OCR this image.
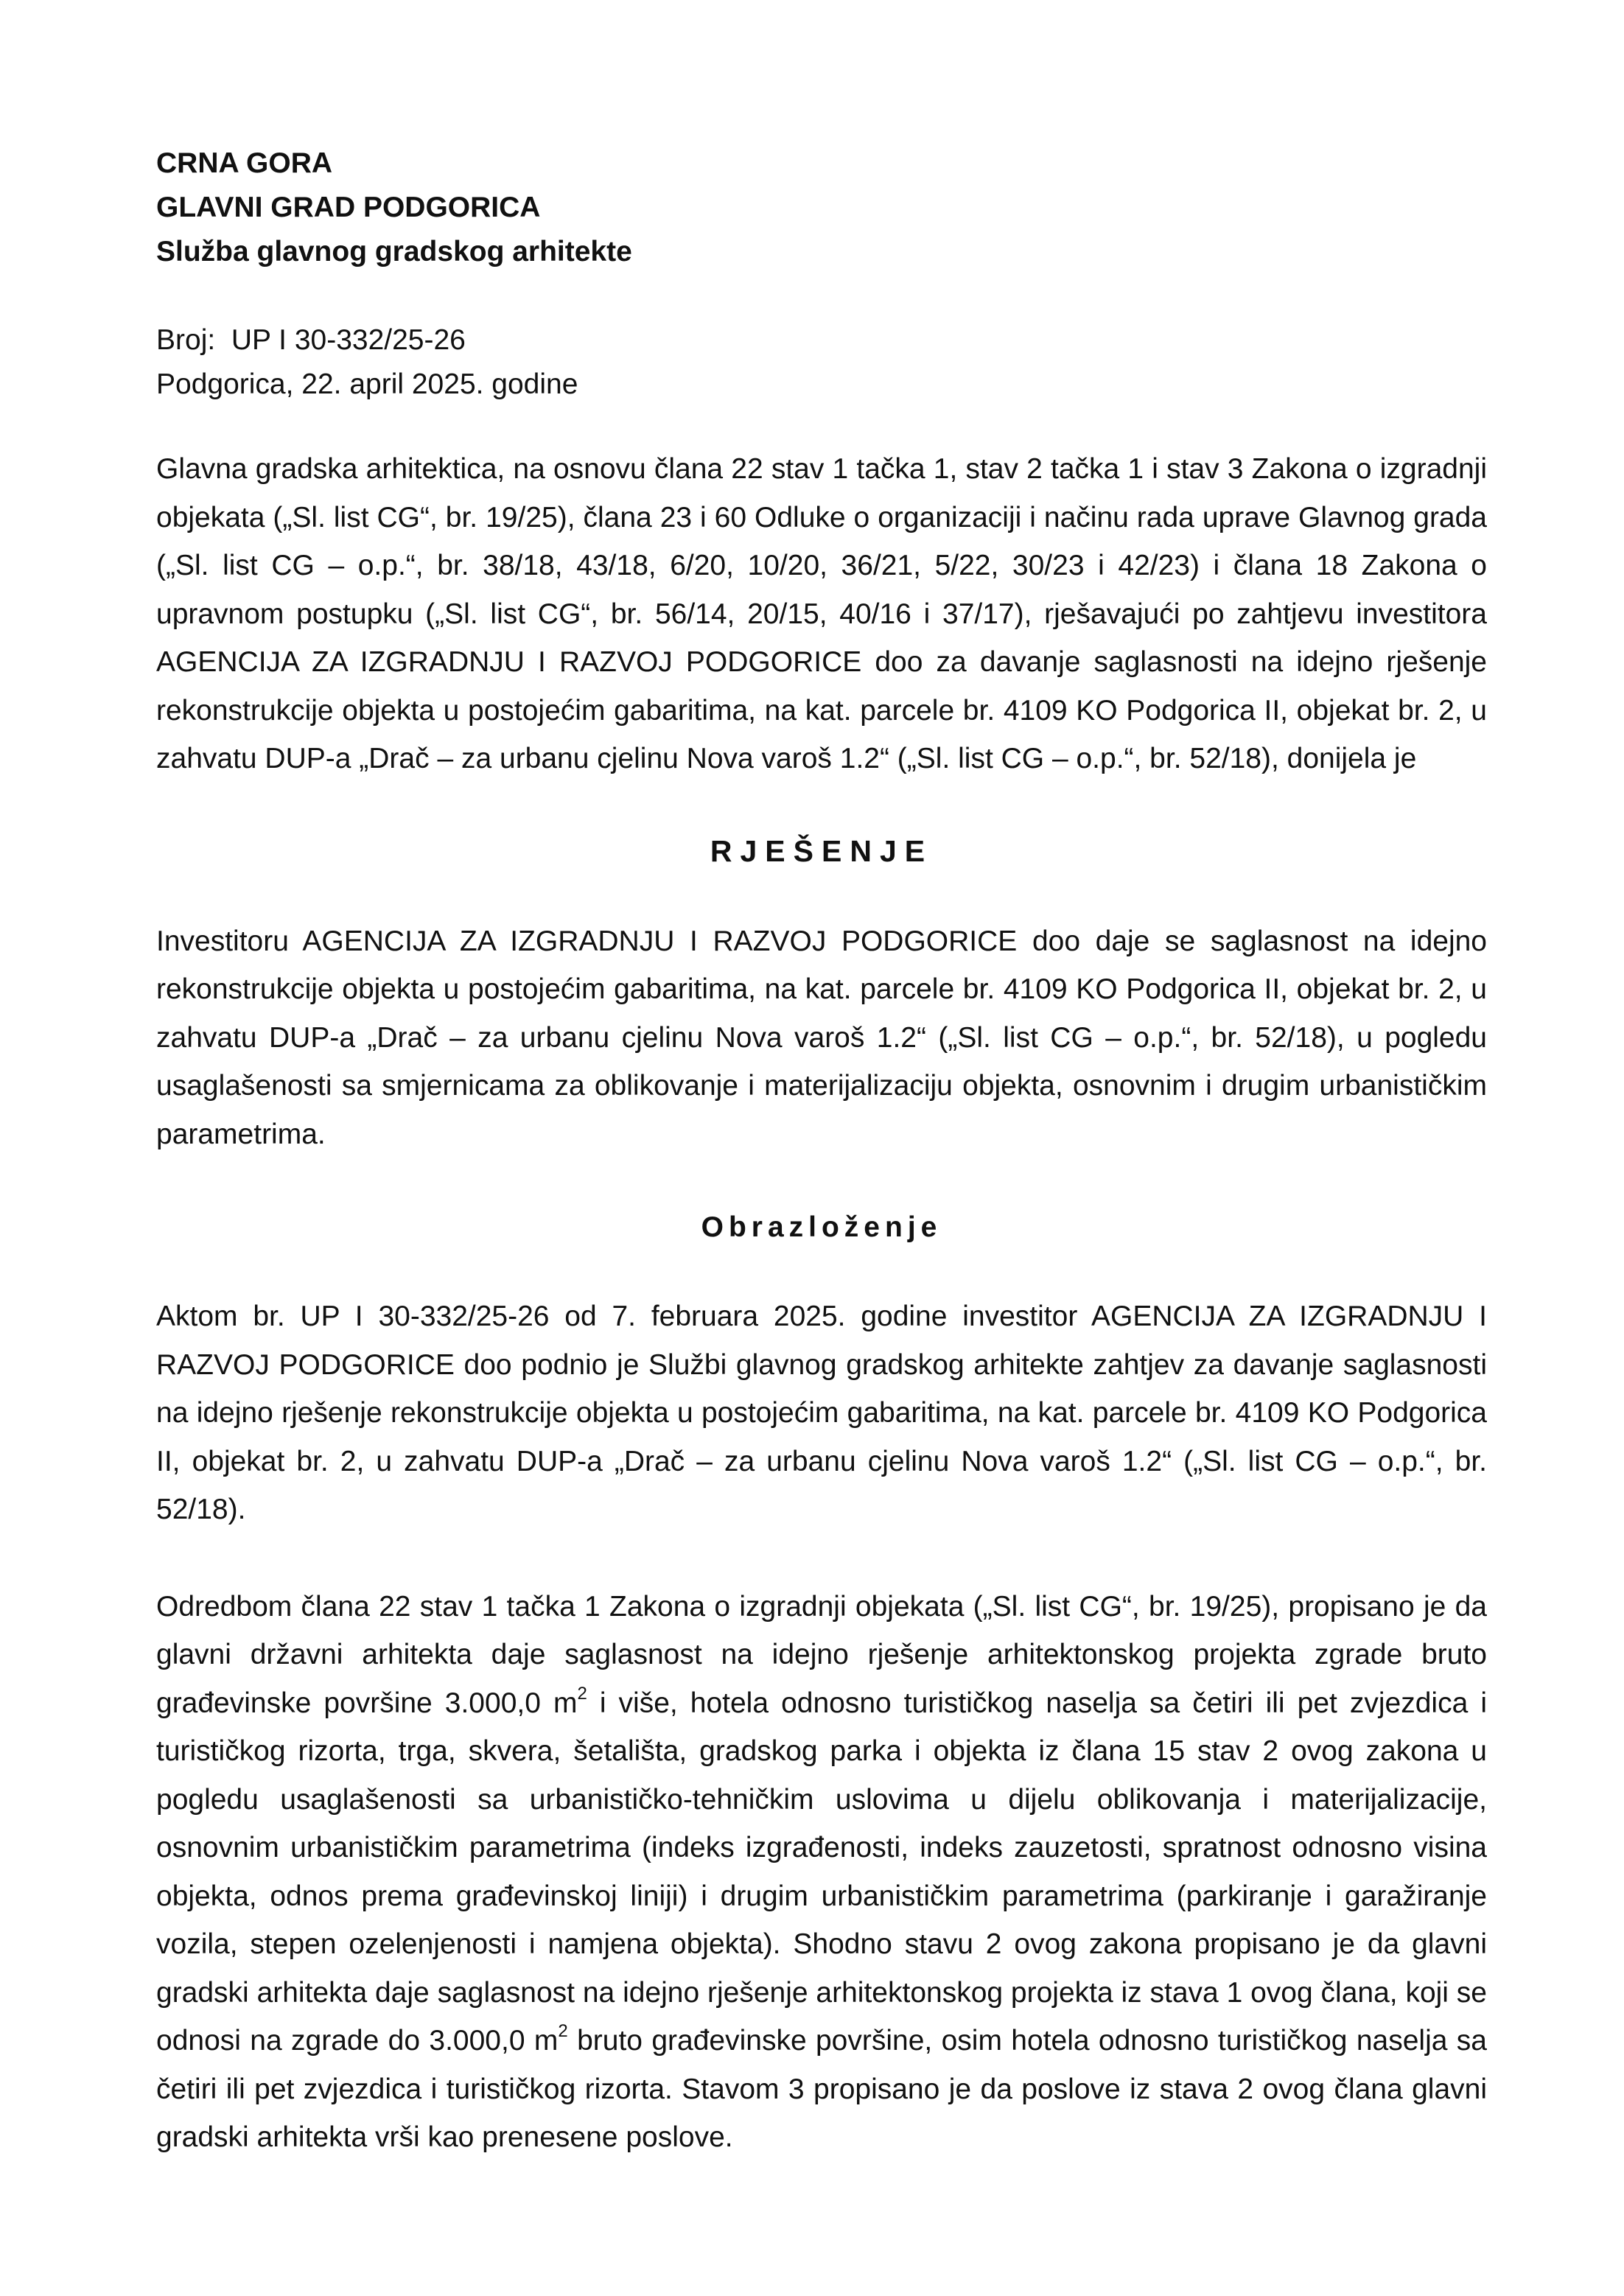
CRNA GORA

GLAVNI GRAD PODGORICA

Služba glavnog gradskog arhitekte

Broj:  UP I 30-332/25-26

Podgorica, 22. april 2025. godine

Glavna gradska arhitektica, na osnovu člana 22 stav 1 tačka 1, stav 2 tačka 1 i stav 3 Zakona o izgradnji objekata („Sl. list CG“, br. 19/25), člana 23 i 60 Odluke o organizaciji i načinu rada uprave Glavnog grada („Sl. list CG – o.p.“, br. 38/18, 43/18, 6/20, 10/20, 36/21, 5/22, 30/23 i 42/23) i člana 18 Zakona o upravnom postupku („Sl. list CG“, br. 56/14, 20/15, 40/16 i 37/17), rješavajući po zahtjevu investitora AGENCIJA ZA IZGRADNJU I RAZVOJ PODGORICE doo za davanje saglasnosti na idejno rješenje rekonstrukcije objekta u postojećim gabaritima, na kat. parcele br. 4109 KO Podgorica II, objekat br. 2, u zahvatu DUP-a „Drač – za urbanu cjelinu Nova varoš 1.2“ („Sl. list CG – o.p.“, br. 52/18), donijela je

RJEŠENJE

Investitoru AGENCIJA ZA IZGRADNJU I RAZVOJ PODGORICE doo daje se saglasnost na idejno rekonstrukcije objekta u postojećim gabaritima, na kat. parcele br. 4109 KO Podgorica II, objekat br. 2, u zahvatu DUP-a „Drač – za urbanu cjelinu Nova varoš 1.2“ („Sl. list CG – o.p.“, br. 52/18), u pogledu usaglašenosti sa smjernicama za oblikovanje i materijalizaciju objekta, osnovnim i drugim urbanističkim parametrima.

Obrazloženje

Aktom br. UP I 30-332/25-26 od 7. februara 2025. godine investitor AGENCIJA ZA IZGRADNJU I RAZVOJ PODGORICE doo podnio je Službi glavnog gradskog arhitekte zahtjev za davanje saglasnosti na idejno rješenje rekonstrukcije objekta u postojećim gabaritima, na kat. parcele br. 4109 KO Podgorica II, objekat br. 2, u zahvatu DUP-a „Drač – za urbanu cjelinu Nova varoš 1.2“ („Sl. list CG – o.p.“, br. 52/18).

Odredbom člana 22 stav 1 tačka 1 Zakona o izgradnji objekata („Sl. list CG“, br. 19/25), propisano je da glavni državni arhitekta daje saglasnost na idejno rješenje arhitektonskog projekta zgrade bruto građevinske površine 3.000,0 $m^2$ i više, hotela odnosno turističkog naselja sa četiri ili pet zvjezdica i turističkog rizorta, trga, skvera, šetališta, gradskog parka i objekta iz člana 15 stav 2 ovog zakona u pogledu usaglašenosti sa urbanističko-tehničkim uslovima u dijelu oblikovanja i materijalizacije, osnovnim urbanističkim parametrima (indeks izgrađenosti, indeks zauzetosti, spratnost odnosno visina objekta, odnos prema građevinskoj liniji) i drugim urbanističkim parametrima (parkiranje i garažiranje vozila, stepen ozelenjenosti i namjena objekta). Shodno stavu 2 ovog zakona propisano je da glavni gradski arhitekta daje saglasnost na idejno rješenje arhitektonskog projekta iz stava 1 ovog člana, koji se odnosi na zgrade do 3.000,0 $m^2$ bruto građevinske površine, osim hotela odnosno turističkog naselja sa četiri ili pet zvjezdica i turističkog rizorta. Stavom 3 propisano je da poslove iz stava 2 ovog člana glavni gradski arhitekta vrši kao prenesene poslove.
